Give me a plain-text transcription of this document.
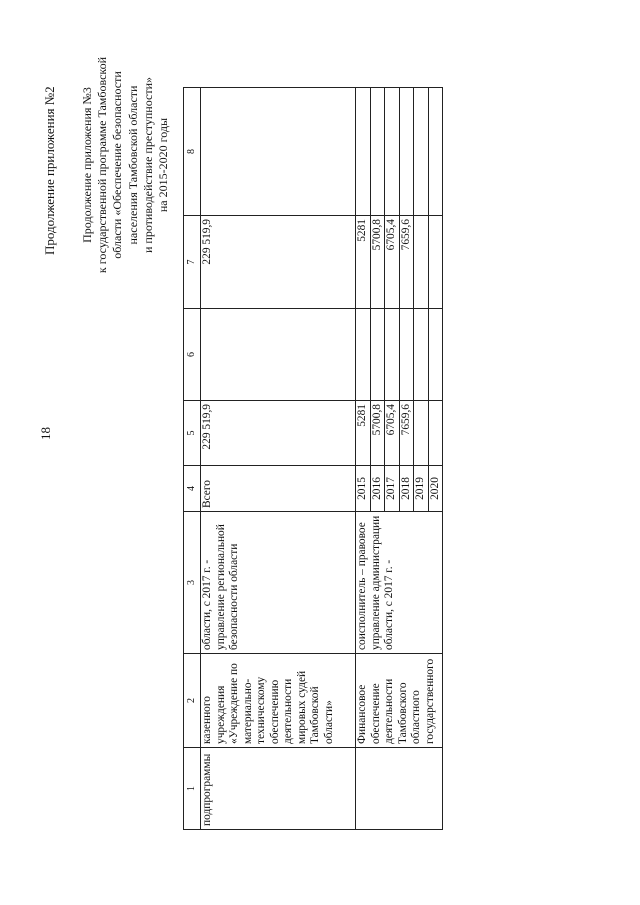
18
Продолжение приложения №2 Продолжение приложения №3 к государственной программе Тамбовской области «Обеспечение безопасности населения Тамбовской области и противодействие преступности» на 2015-2020 годы
1	2	3	4	5	6	7	8
подпрограммы	казенного учреждения «Учреждение по материально-техническому обеспечению деятельности мировых судей Тамбовской области»	области, с 2017 г. - управление региональной безопасности области	Всего	229 519,9		229 519,9	
	Финансовое обеспечение деятельности Тамбовского областного государственного	соисполнитель – правовое управление администрации области, с 2017 г. -	2015	5281		5281	
			2016	5700,8		5700,8	
			2017	6705,4		6705,4	
			2018	7659,6		7659,6	
			2019				
			2020				
